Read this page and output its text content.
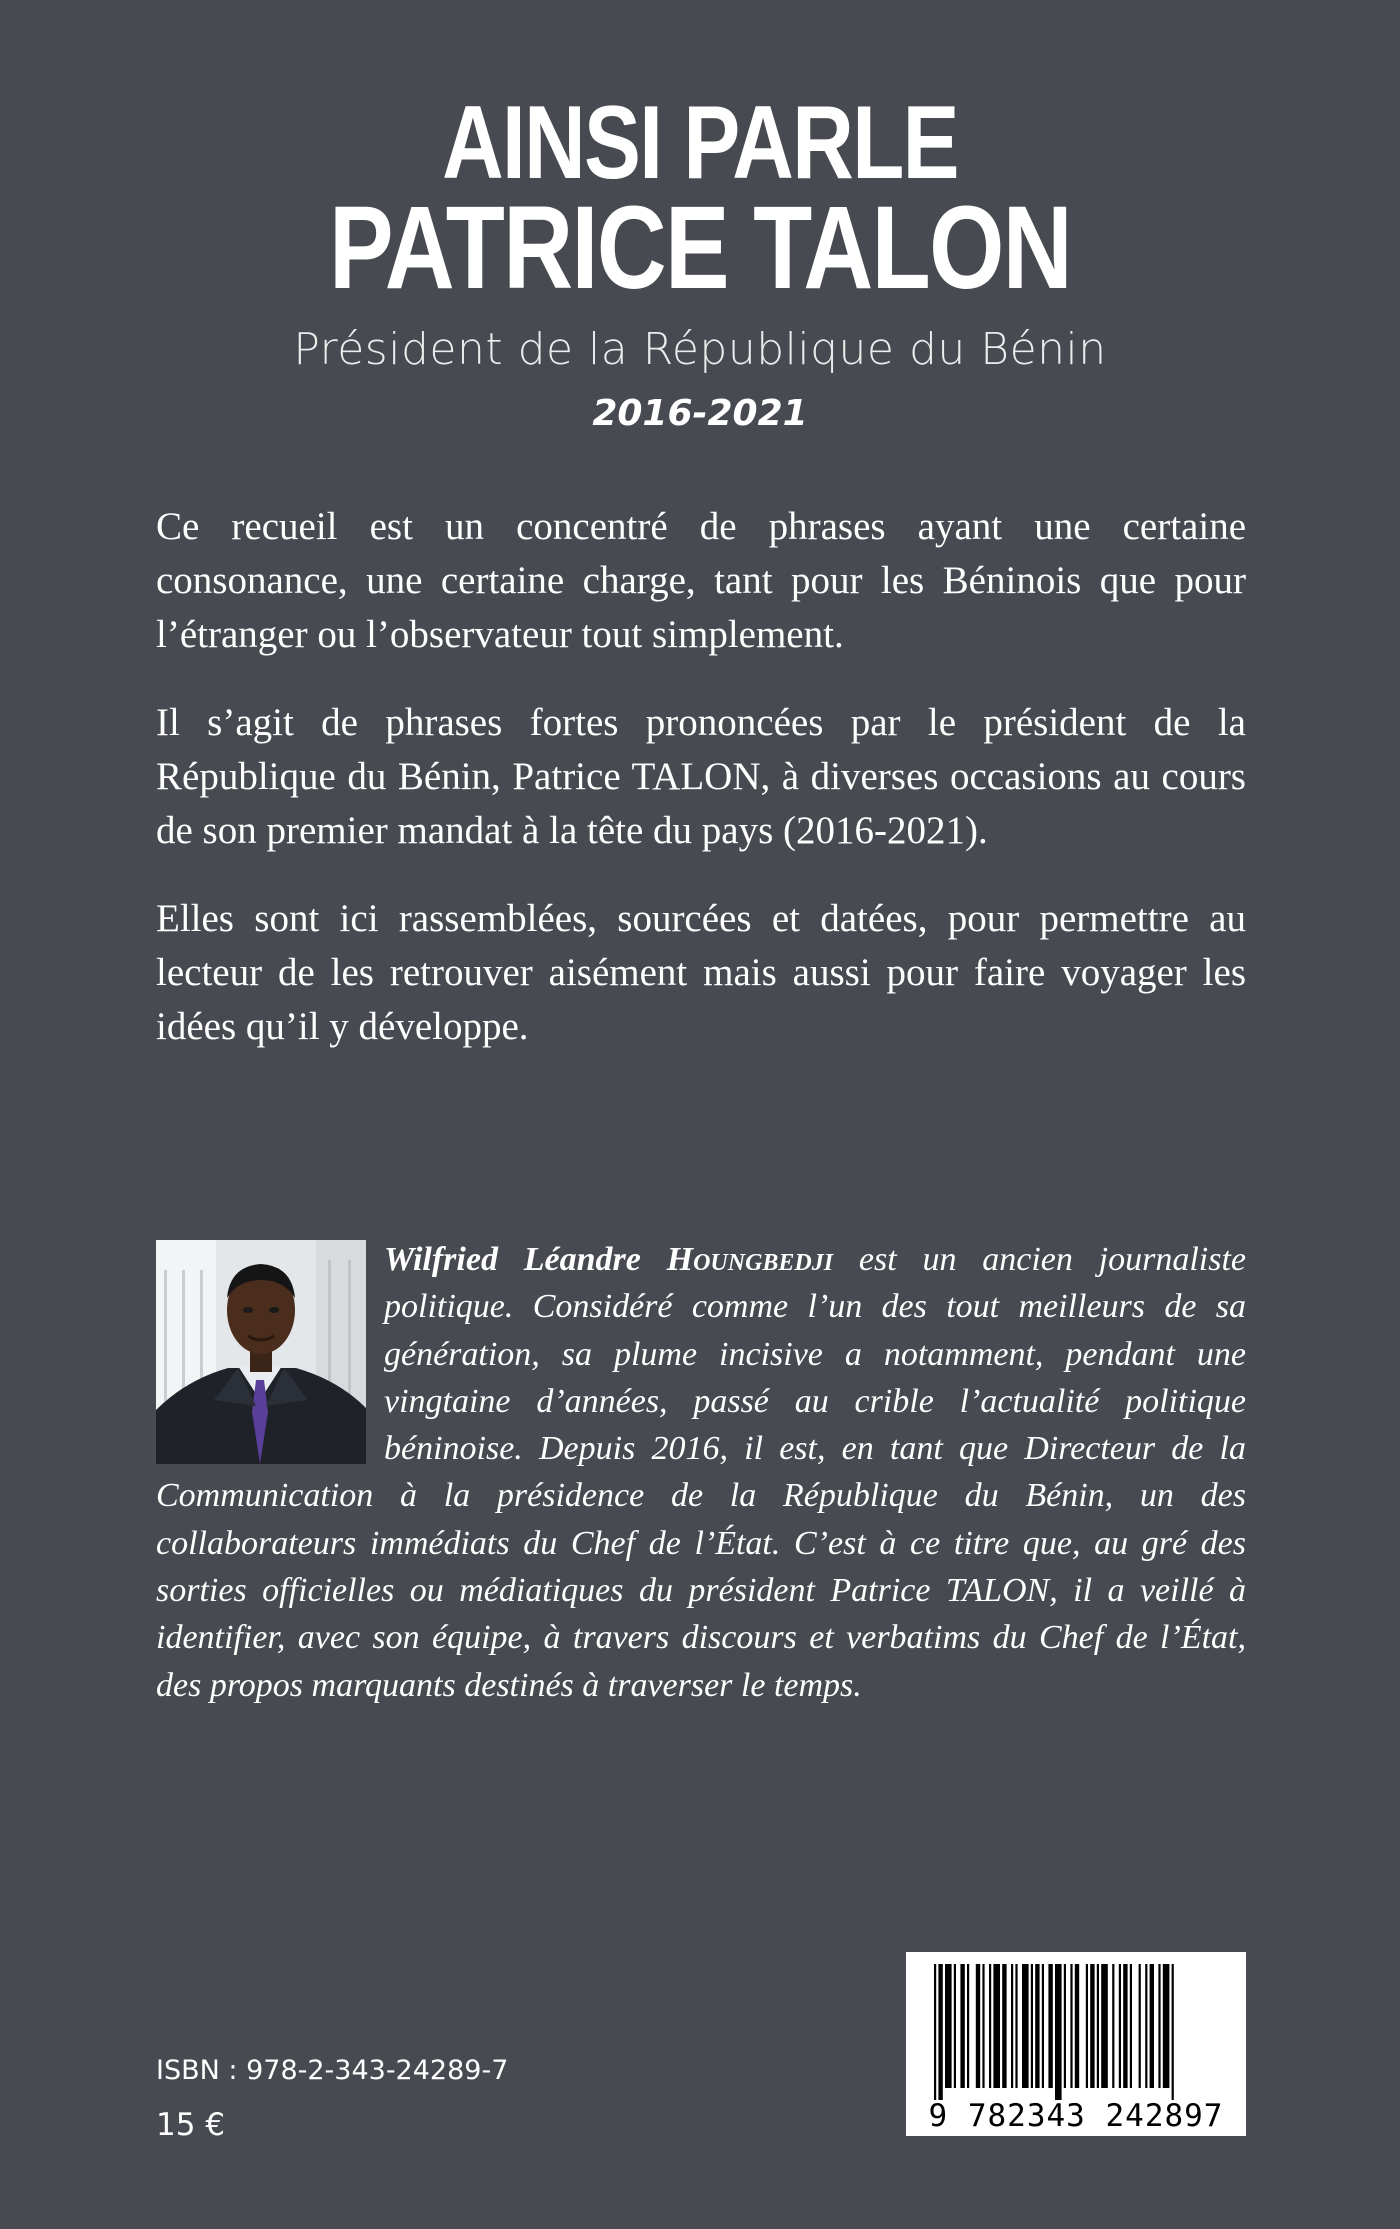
AINSI PARLE
PATRICE TALON
Président de la République du Bénin
2016-2021

Ce recueil est un concentré de phrases ayant une certaine consonance, une certaine charge, tant pour les Béninois que pour l’étranger ou l’observateur tout simplement.

Il s’agit de phrases fortes prononcées par le président de la République du Bénin, Patrice TALON, à diverses occasions au cours de son premier mandat à la tête du pays (2016-2021).

Elles sont ici rassemblées, sourcées et datées, pour permettre au lecteur de les retrouver aisément mais aussi pour faire voyager les idées qu’il y développe.

Wilfried Léandre Houngbedji est un ancien journaliste politique. Considéré comme l’un des tout meilleurs de sa génération, sa plume incisive a notamment, pendant une vingtaine d’années, passé au crible l’actualité politique béninoise. Depuis 2016, il est, en tant que Directeur de la Communication à la présidence de la République du Bénin, un des collaborateurs immédiats du Chef de l’État. C’est à ce titre que, au gré des sorties officielles ou médiatiques du président Patrice TALON, il a veillé à identifier, avec son équipe, à travers discours et verbatims du Chef de l’État, des propos marquants destinés à traverser le temps.

ISBN : 978-2-343-24289-7
15 €	9 782343 242897
